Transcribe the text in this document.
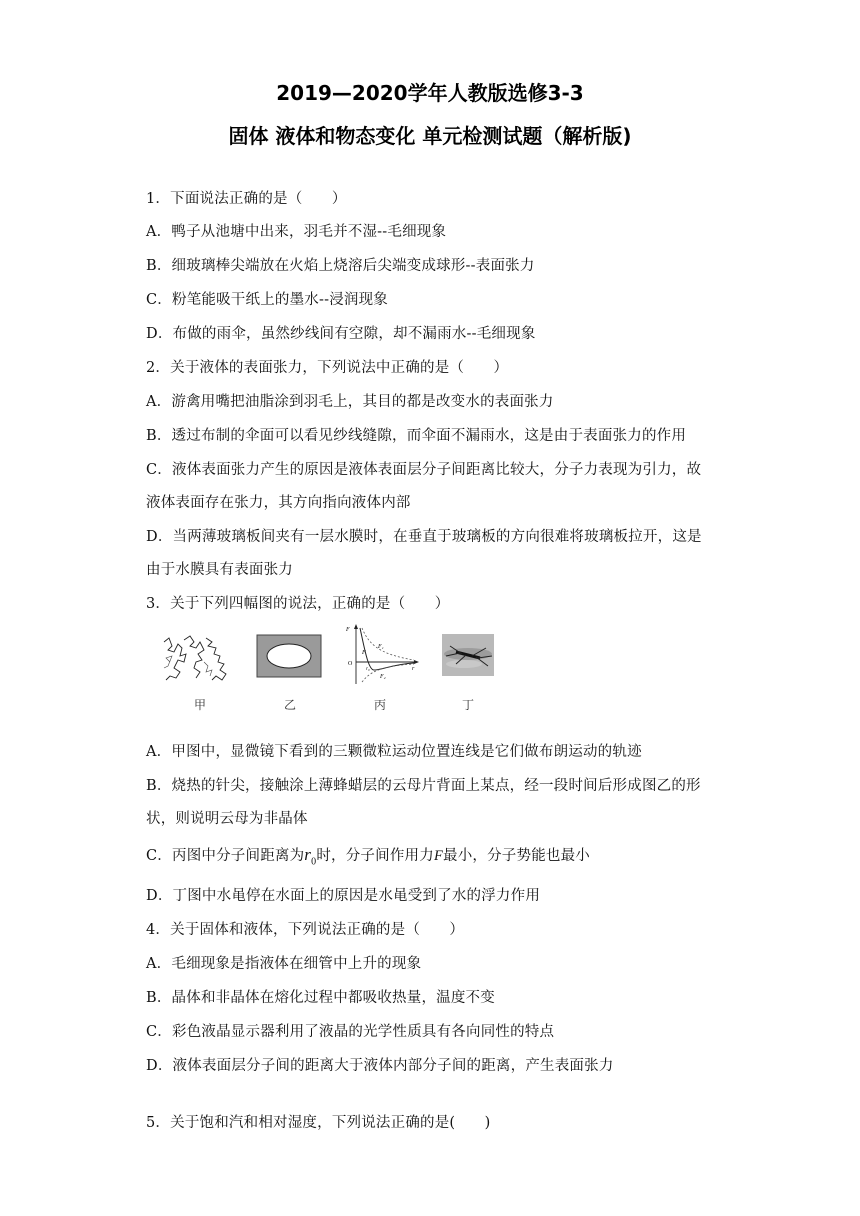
2019—2020学年人教版选修3-3
固体 液体和物态变化 单元检测试题（解析版)
1．下面说法正确的是（　　）
A．鸭子从池塘中出来，羽毛并不湿--毛细现象
B．细玻璃棒尖端放在火焰上烧溶后尖端变成球形--表面张力
C．粉笔能吸干纸上的墨水--浸润现象
D．布做的雨伞，虽然纱线间有空隙，却不漏雨水--毛细现象
2．关于液体的表面张力，下列说法中正确的是（　　）
A．游禽用嘴把油脂涂到羽毛上，其目的都是改变水的表面张力
B．透过布制的伞面可以看见纱线缝隙，而伞面不漏雨水，这是由于表面张力的作用
C．液体表面张力产生的原因是液体表面层分子间距离比较大，分子力表现为引力，故
液体表面存在张力，其方向指向液体内部
D．当两薄玻璃板间夹有一层水膜时，在垂直于玻璃板的方向很难将玻璃板拉开，这是
由于水膜具有表面张力
3．关于下列四幅图的说法，正确的是（　　）
甲	乙
F
O
r₀	r
F₁
F₂
F
丙	丁
A．甲图中，显微镜下看到的三颗微粒运动位置连线是它们做布朗运动的轨迹
B．烧热的针尖，接触涂上薄蜂蜡层的云母片背面上某点，经一段时间后形成图乙的形
状，则说明云母为非晶体
C．丙图中分子间距离为$r_0$时，分子间作用力F最小，分子势能也最小
D．丁图中水黾停在水面上的原因是水黾受到了水的浮力作用
4．关于固体和液体，下列说法正确的是（　　）
A．毛细现象是指液体在细管中上升的现象
B．晶体和非晶体在熔化过程中都吸收热量，温度不变
C．彩色液晶显示器利用了液晶的光学性质具有各向同性的特点
D．液体表面层分子间的距离大于液体内部分子间的距离，产生表面张力
5．关于饱和汽和相对湿度，下列说法正确的是(　　)
